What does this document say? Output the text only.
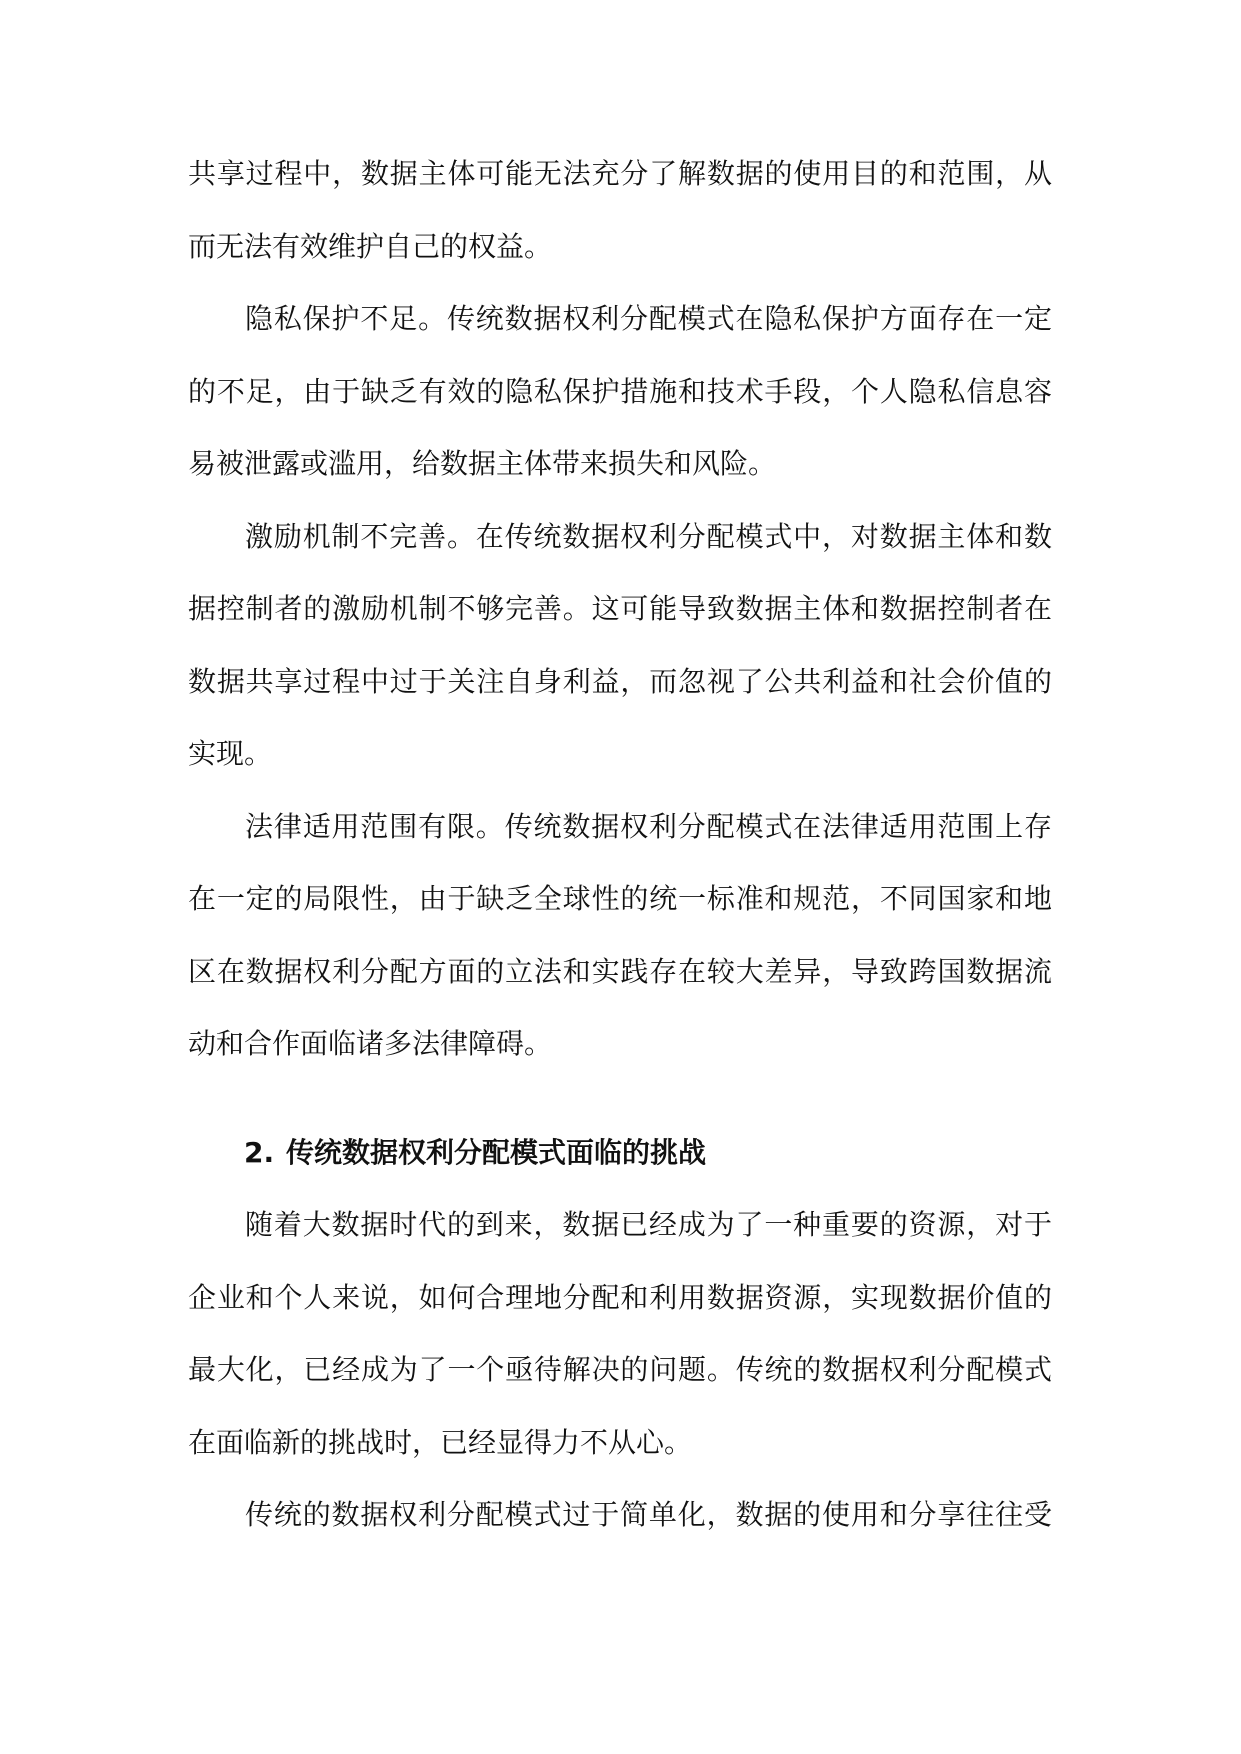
共享过程中，数据主体可能无法充分了解数据的使用目的和范围，从
而无法有效维护自己的权益。
隐私保护不足。传统数据权利分配模式在隐私保护方面存在一定
的不足，由于缺乏有效的隐私保护措施和技术手段，个人隐私信息容
易被泄露或滥用，给数据主体带来损失和风险。
激励机制不完善。在传统数据权利分配模式中，对数据主体和数
据控制者的激励机制不够完善。这可能导致数据主体和数据控制者在
数据共享过程中过于关注自身利益，而忽视了公共利益和社会价值的
实现。
法律适用范围有限。传统数据权利分配模式在法律适用范围上存
在一定的局限性，由于缺乏全球性的统一标准和规范，不同国家和地
区在数据权利分配方面的立法和实践存在较大差异，导致跨国数据流
动和合作面临诸多法律障碍。
2. 传统数据权利分配模式面临的挑战
随着大数据时代的到来，数据已经成为了一种重要的资源，对于
企业和个人来说，如何合理地分配和利用数据资源，实现数据价值的
最大化，已经成为了一个亟待解决的问题。传统的数据权利分配模式
在面临新的挑战时，已经显得力不从心。
传统的数据权利分配模式过于简单化，数据的使用和分享往往受
